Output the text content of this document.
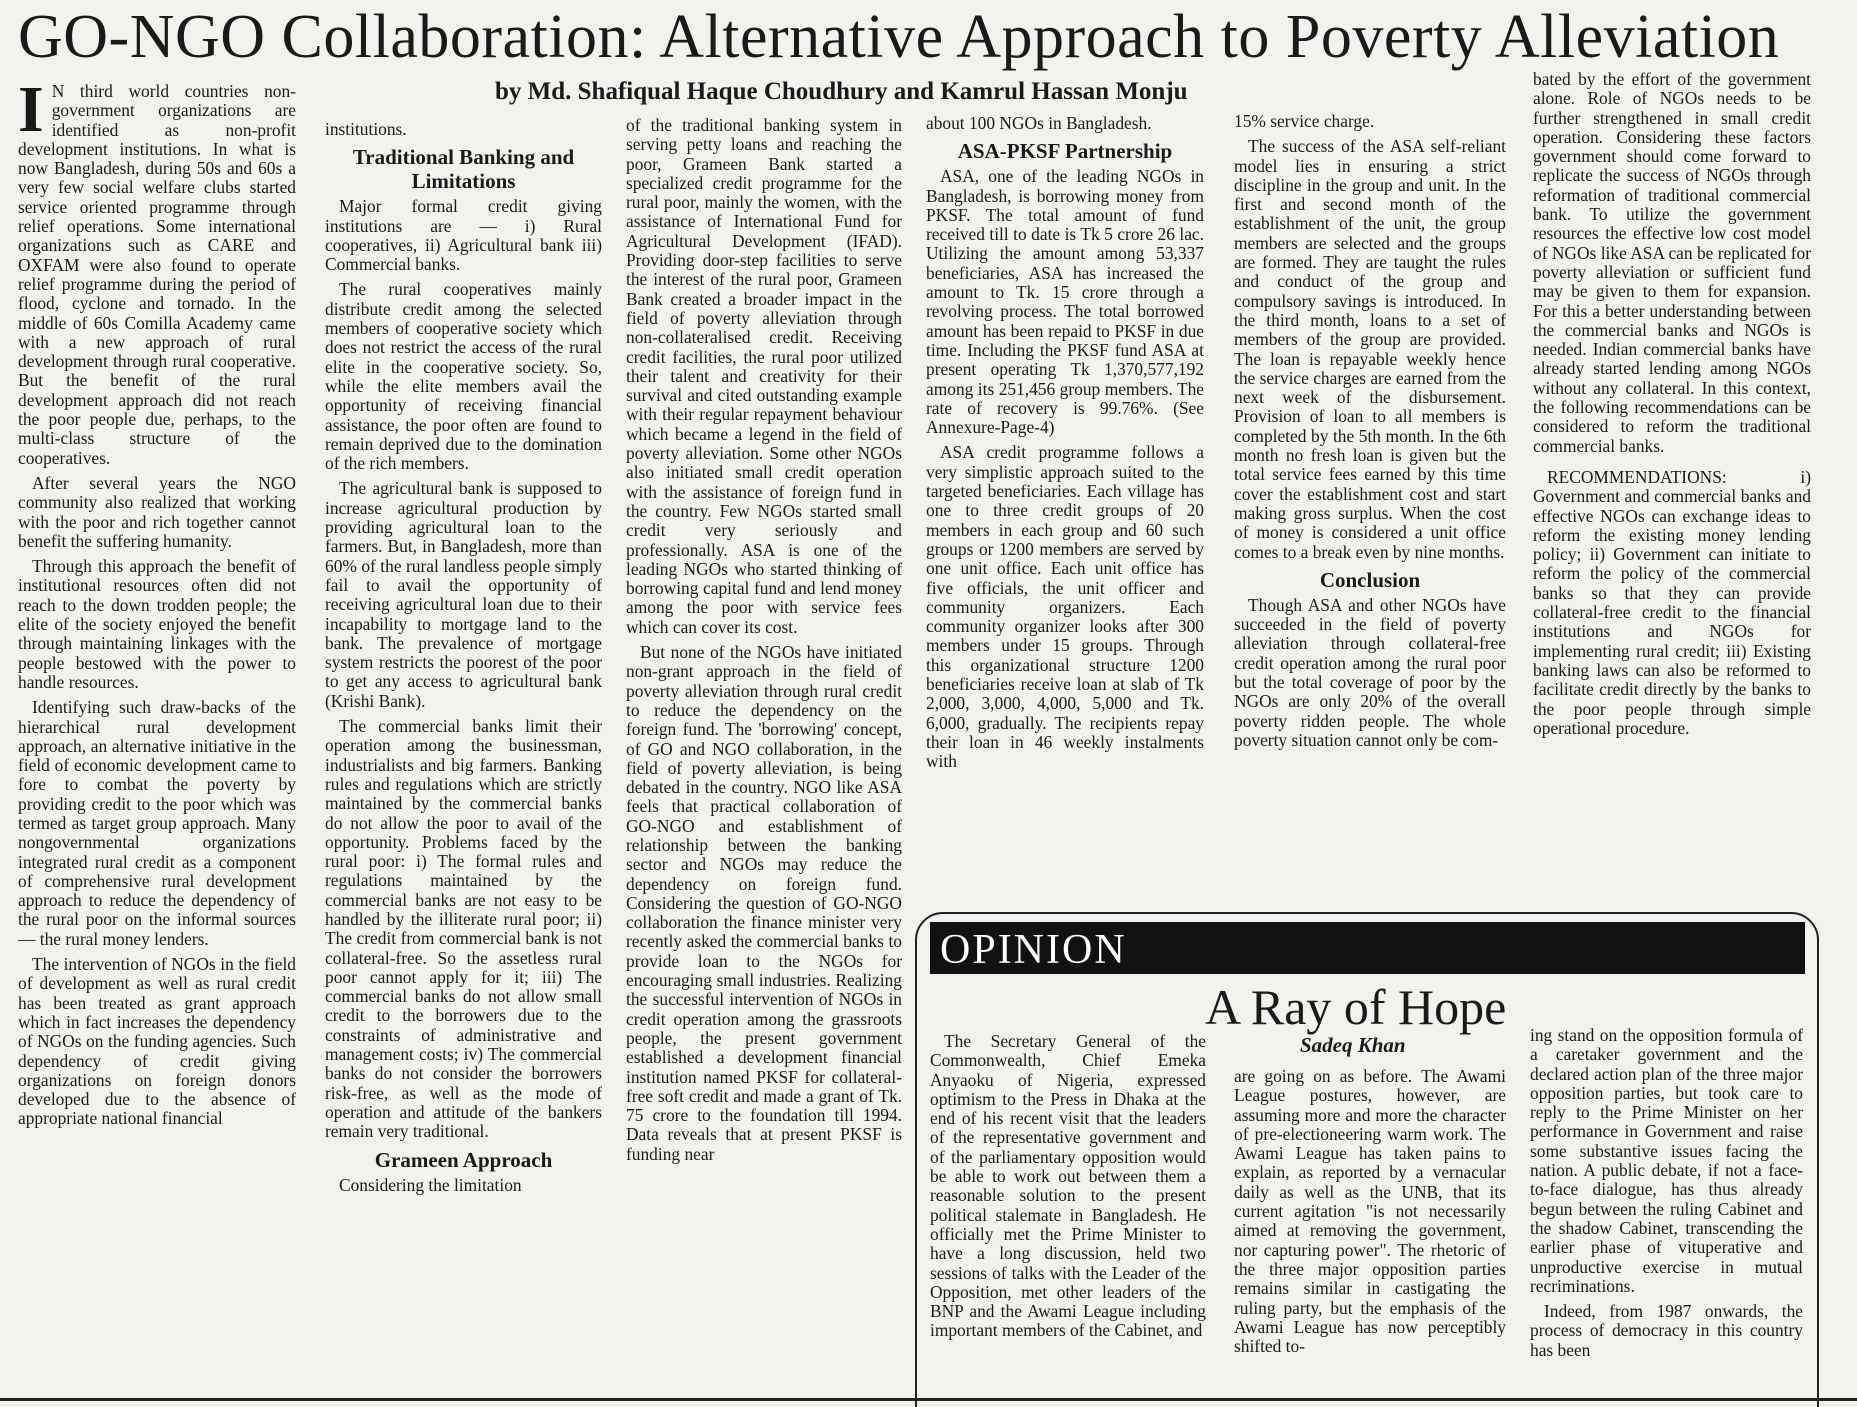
GO-NGO Collaboration: Alternative Approach to Poverty Alleviation
by Md. Shafiqual Haque Choudhury and Kamrul Hassan Monju

I N third world countries non-government organizations are identified as non-profit development institutions. In what is now Bangladesh, during 50s and 60s a very few social welfare clubs started service oriented programme through relief operations. Some international organizations such as CARE and OXFAM were also found to operate relief programme during the period of flood, cyclone and tornado. In the middle of 60s Comilla Academy came with a new approach of rural development through rural cooperative. But the benefit of the rural development approach did not reach the poor people due, perhaps, to the multi-class structure of the cooperatives.

After several years the NGO community also realized that working with the poor and rich together cannot benefit the suffering humanity.

Through this approach the benefit of institutional resources often did not reach to the down trodden people; the elite of the society enjoyed the benefit through maintaining linkages with the people bestowed with the power to handle resources.

Identifying such draw-backs of the hierarchical rural development approach, an alternative initiative in the field of economic development came to fore to combat the poverty by providing credit to the poor which was termed as target group approach. Many nongovernmental organizations integrated rural credit as a component of comprehensive rural development approach to reduce the dependency of the rural poor on the informal sources — the rural money lenders.

The intervention of NGOs in the field of development as well as rural credit has been treated as grant approach which in fact increases the dependency of NGOs on the funding agencies. Such dependency of credit giving organizations on foreign donors developed due to the absence of appropriate national financial

institutions.

Traditional Banking and Limitations

Major formal credit giving institutions are — i) Rural cooperatives, ii) Agricultural bank iii) Commercial banks.

The rural cooperatives mainly distribute credit among the selected members of cooperative society which does not restrict the access of the rural elite in the cooperative society. So, while the elite members avail the opportunity of receiving financial assistance, the poor often are found to remain deprived due to the domination of the rich members.

The agricultural bank is supposed to increase agricultural production by providing agricultural loan to the farmers. But, in Bangladesh, more than 60% of the rural landless people simply fail to avail the opportunity of receiving agricultural loan due to their incapability to mortgage land to the bank. The prevalence of mortgage system restricts the poorest of the poor to get any access to agricultural bank (Krishi Bank).

The commercial banks limit their operation among the businessman, industrialists and big farmers. Banking rules and regulations which are strictly maintained by the commercial banks do not allow the poor to avail of the opportunity. Problems faced by the rural poor: i) The formal rules and regulations maintained by the commercial banks are not easy to be handled by the illiterate rural poor; ii) The credit from commercial bank is not collateral-free. So the assetless rural poor cannot apply for it; iii) The commercial banks do not allow small credit to the borrowers due to the constraints of administrative and management costs; iv) The commercial banks do not consider the borrowers risk-free, as well as the mode of operation and attitude of the bankers remain very traditional.

Grameen Approach

Considering the limitation

of the traditional banking system in serving petty loans and reaching the poor, Grameen Bank started a specialized credit programme for the rural poor, mainly the women, with the assistance of International Fund for Agricultural Development (IFAD). Providing door-step facilities to serve the interest of the rural poor, Grameen Bank created a broader impact in the field of poverty alleviation through non-collateralised credit. Receiving credit facilities, the rural poor utilized their talent and creativity for their survival and cited outstanding example with their regular repayment behaviour which became a legend in the field of poverty alleviation. Some other NGOs also initiated small credit operation with the assistance of foreign fund in the country. Few NGOs started small credit very seriously and professionally. ASA is one of the leading NGOs who started thinking of borrowing capital fund and lend money among the poor with service fees which can cover its cost.

But none of the NGOs have initiated non-grant approach in the field of poverty alleviation through rural credit to reduce the dependency on the foreign fund. The 'borrowing' concept, of GO and NGO collaboration, in the field of poverty alleviation, is being debated in the country. NGO like ASA feels that practical collaboration of GO-NGO and establishment of relationship between the banking sector and NGOs may reduce the dependency on foreign fund. Considering the question of GO-NGO collaboration the finance minister very recently asked the commercial banks to provide loan to the NGOs for encouraging small industries. Realizing the successful intervention of NGOs in credit operation among the grassroots people, the present government established a development financial institution named PKSF for collateral-free soft credit and made a grant of Tk. 75 crore to the foundation till 1994. Data reveals that at present PKSF is funding near

about 100 NGOs in Bangladesh.

ASA-PKSF Partnership

ASA, one of the leading NGOs in Bangladesh, is borrowing money from PKSF. The total amount of fund received till to date is Tk 5 crore 26 lac. Utilizing the amount among 53,337 beneficiaries, ASA has increased the amount to Tk. 15 crore through a revolving process. The total borrowed amount has been repaid to PKSF in due time. Including the PKSF fund ASA at present operating Tk 1,370,577,192 among its 251,456 group members. The rate of recovery is 99.76%. (See Annexure-Page-4)

ASA credit programme follows a very simplistic approach suited to the targeted beneficiaries. Each village has one to three credit groups of 20 members in each group and 60 such groups or 1200 members are served by one unit office. Each unit office has five officials, the unit officer and community organizers. Each community organizer looks after 300 members under 15 groups. Through this organizational structure 1200 beneficiaries receive loan at slab of Tk 2,000, 3,000, 4,000, 5,000 and Tk. 6,000, gradually. The recipients repay their loan in 46 weekly instalments with

15% service charge.

The success of the ASA self-reliant model lies in ensuring a strict discipline in the group and unit. In the first and second month of the establishment of the unit, the group members are selected and the groups are formed. They are taught the rules and conduct of the group and compulsory savings is introduced. In the third month, loans to a set of members of the group are provided. The loan is repayable weekly hence the service charges are earned from the next week of the disbursement. Provision of loan to all members is completed by the 5th month. In the 6th month no fresh loan is given but the total service fees earned by this time cover the establishment cost and start making gross surplus. When the cost of money is considered a unit office comes to a break even by nine months.

Conclusion

Though ASA and other NGOs have succeeded in the field of poverty alleviation through collateral-free credit operation among the rural poor but the total coverage of poor by the NGOs are only 20% of the overall poverty ridden people. The whole poverty situation cannot only be com-

bated by the effort of the government alone. Role of NGOs needs to be further strengthened in small credit operation. Considering these factors government should come forward to replicate the success of NGOs through reformation of traditional commercial bank. To utilize the government resources the effective low cost model of NGOs like ASA can be replicated for poverty alleviation or sufficient fund may be given to them for expansion. For this a better understanding between the commercial banks and NGOs is needed. Indian commercial banks have already started lending among NGOs without any collateral. In this context, the following recommendations can be considered to reform the traditional commercial banks.

RECOMMENDATIONS: i) Government and commercial banks and effective NGOs can exchange ideas to reform the existing money lending policy; ii) Government can initiate to reform the policy of the commercial banks so that they can provide collateral-free credit to the financial institutions and NGOs for implementing rural credit; iii) Existing banking laws can also be reformed to facilitate credit directly by the banks to the poor people through simple operational procedure.

OPINION
A Ray of Hope
Sadeq Khan

The Secretary General of the Commonwealth, Chief Emeka Anyaoku of Nigeria, expressed optimism to the Press in Dhaka at the end of his recent visit that the leaders of the representative government and of the parliamentary opposition would be able to work out between them a reasonable solution to the present political stalemate in Bangladesh. He officially met the Prime Minister to have a long discussion, held two sessions of talks with the Leader of the Opposition, met other leaders of the BNP and the Awami League including important members of the Cabinet, and

are going on as before. The Awami League postures, however, are assuming more and more the character of pre-electioneering warm work. The Awami League has taken pains to explain, as reported by a vernacular daily as well as the UNB, that its current agitation "is not necessarily aimed at removing the government, nor capturing power". The rhetoric of the three major opposition parties remains similar in castigating the ruling party, but the emphasis of the Awami League has now perceptibly shifted to-

ing stand on the opposition formula of a caretaker government and the declared action plan of the three major opposition parties, but took care to reply to the Prime Minister on her performance in Government and raise some substantive issues facing the nation. A public debate, if not a face-to-face dialogue, has thus already begun between the ruling Cabinet and the shadow Cabinet, transcending the earlier phase of vituperative and unproductive exercise in mutual recriminations.

Indeed, from 1987 onwards, the process of democracy in this country has been
